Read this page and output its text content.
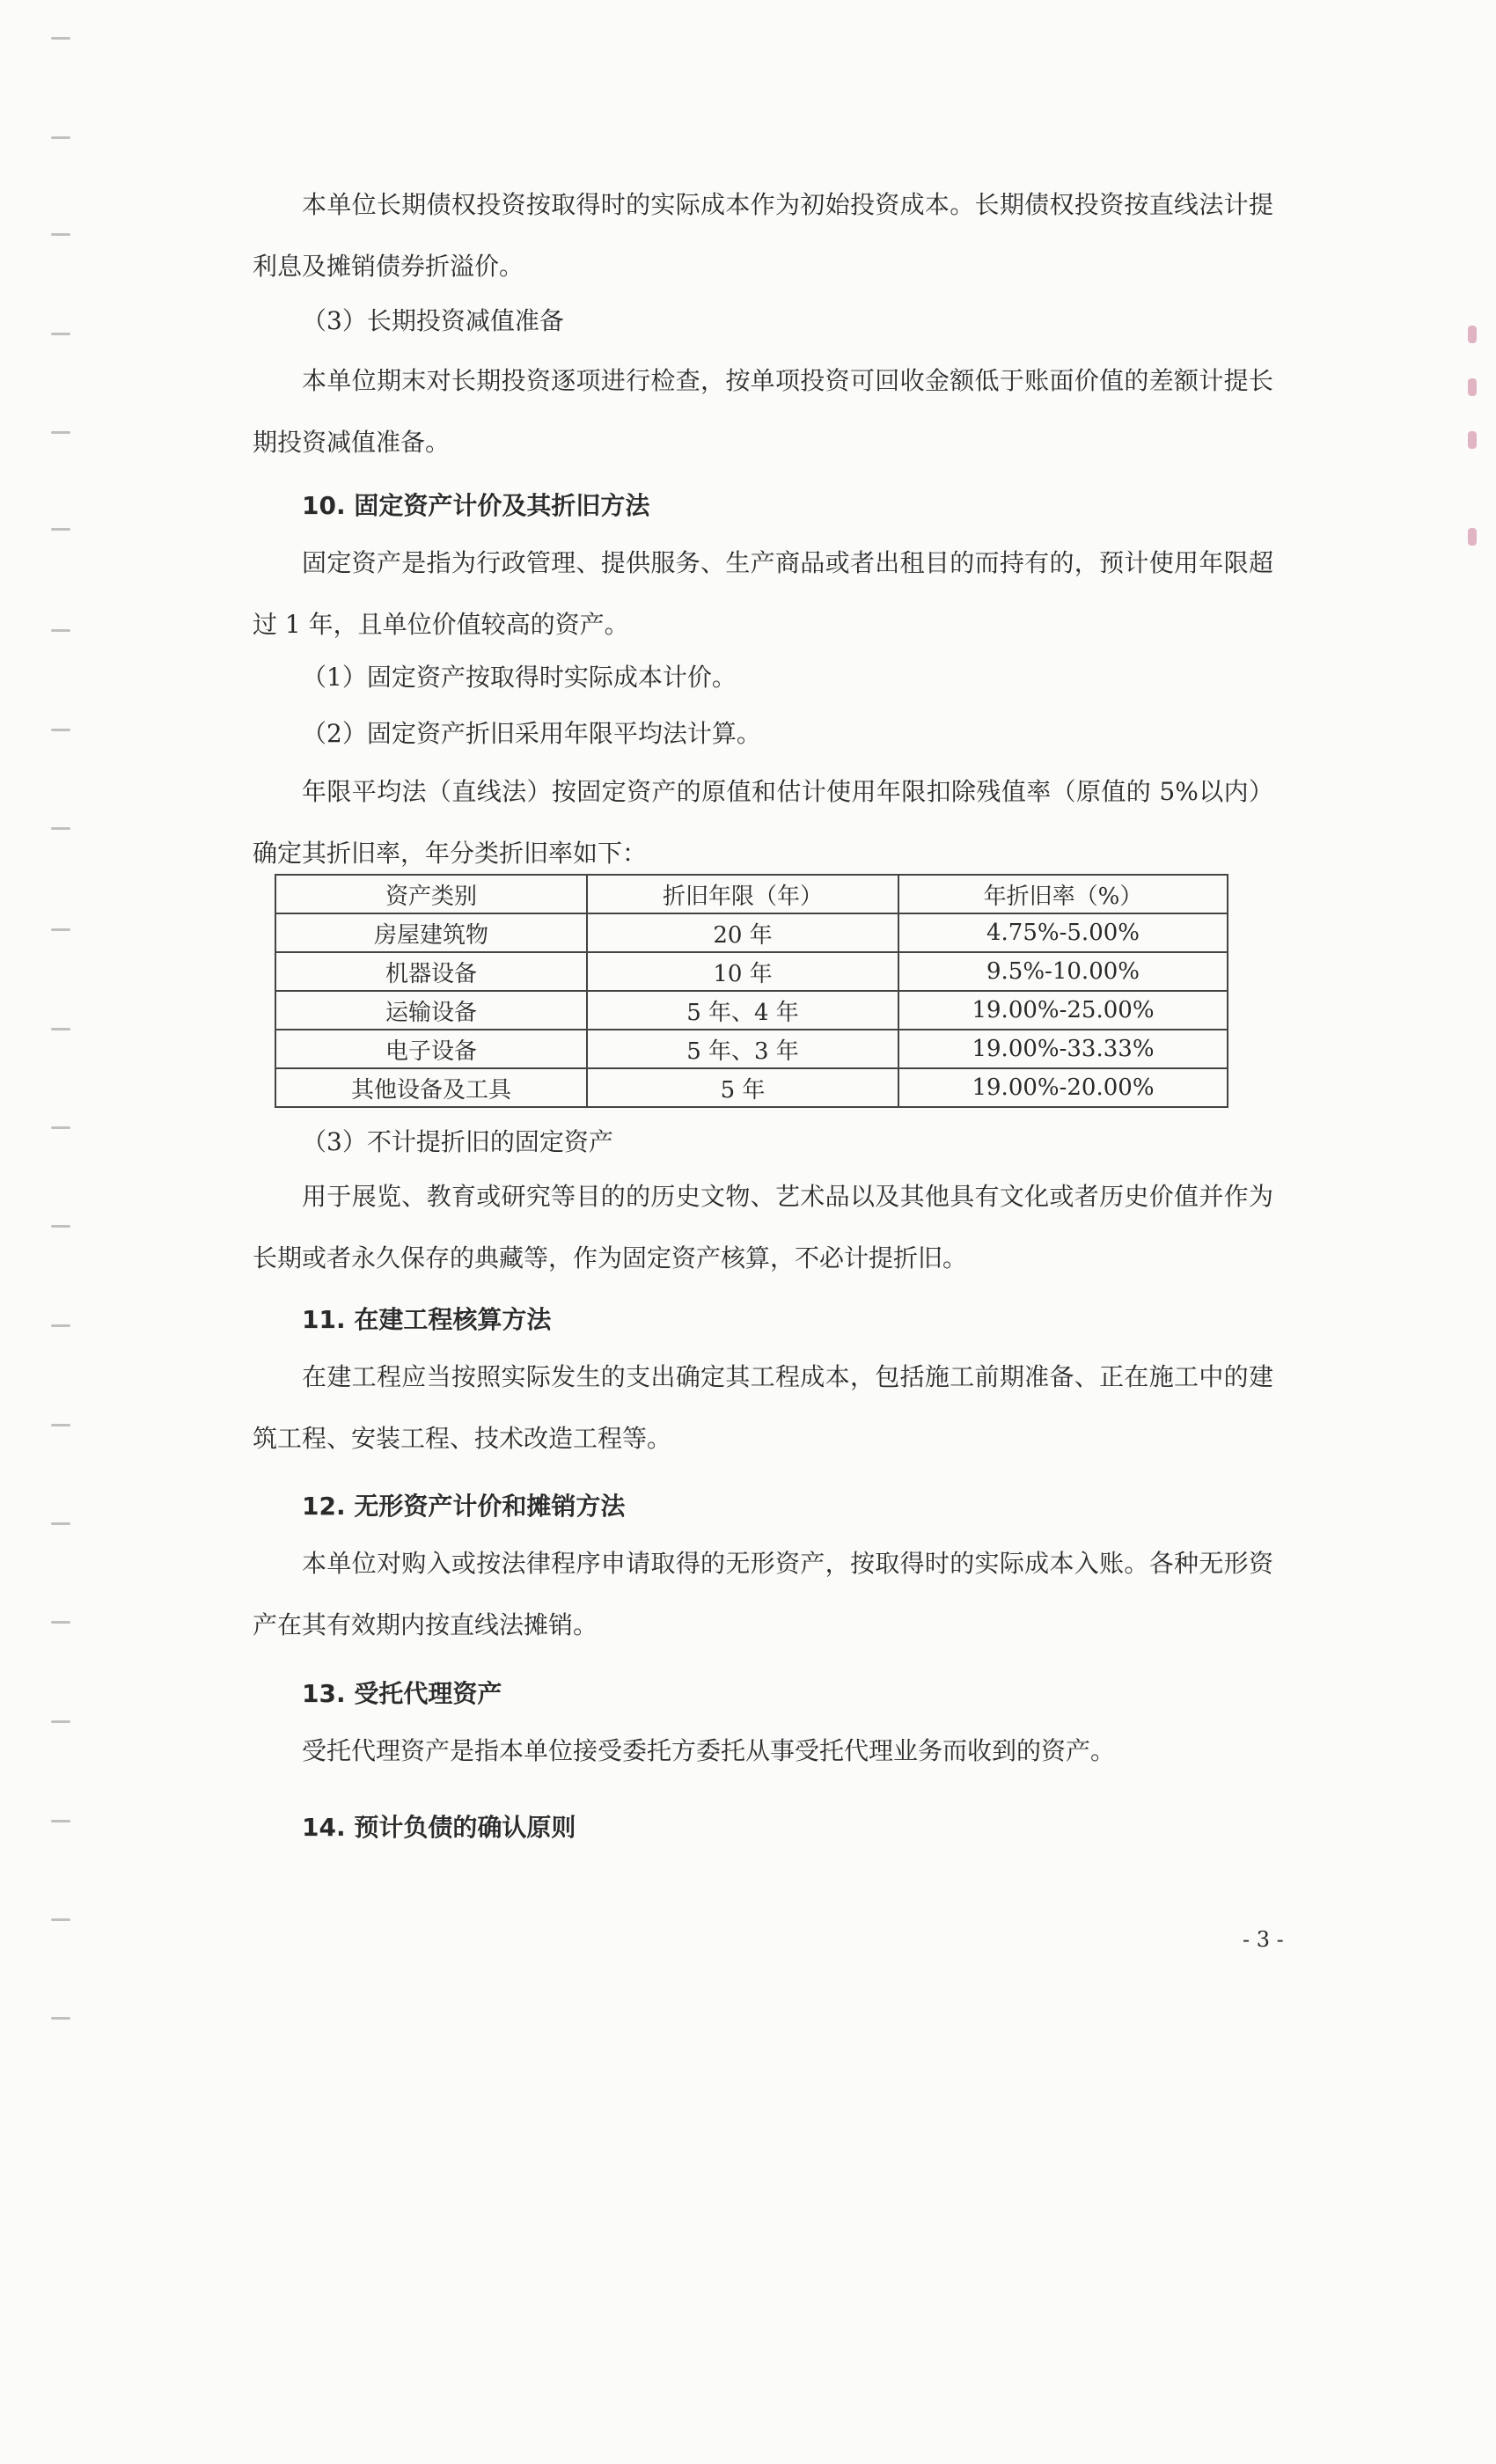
本单位长期债权投资按取得时的实际成本作为初始投资成本。长期债权投资按直线法计提利息及摊销债券折溢价。

（3）长期投资减值准备

本单位期末对长期投资逐项进行检查，按单项投资可回收金额低于账面价值的差额计提长期投资减值准备。

10. 固定资产计价及其折旧方法

固定资产是指为行政管理、提供服务、生产商品或者出租目的而持有的，预计使用年限超过 1 年，且单位价值较高的资产。

（1）固定资产按取得时实际成本计价。
（2）固定资产折旧采用年限平均法计算。

年限平均法（直线法）按固定资产的原值和估计使用年限扣除残值率（原值的 5%以内）确定其折旧率，年分类折旧率如下：

资产类别	折旧年限（年）	年折旧率（%）
房屋建筑物	20 年	4.75%-5.00%
机器设备	10 年	9.5%-10.00%
运输设备	5 年、4 年	19.00%-25.00%
电子设备	5 年、3 年	19.00%-33.33%
其他设备及工具	5 年	19.00%-20.00%
（3）不计提折旧的固定资产

用于展览、教育或研究等目的的历史文物、艺术品以及其他具有文化或者历史价值并作为长期或者永久保存的典藏等，作为固定资产核算，不必计提折旧。

11. 在建工程核算方法

在建工程应当按照实际发生的支出确定其工程成本，包括施工前期准备、正在施工中的建筑工程、安装工程、技术改造工程等。

12. 无形资产计价和摊销方法

本单位对购入或按法律程序申请取得的无形资产，按取得时的实际成本入账。各种无形资产在其有效期内按直线法摊销。

13. 受托代理资产

受托代理资产是指本单位接受委托方委托从事受托代理业务而收到的资产。

14. 预计负债的确认原则
- 3 -
